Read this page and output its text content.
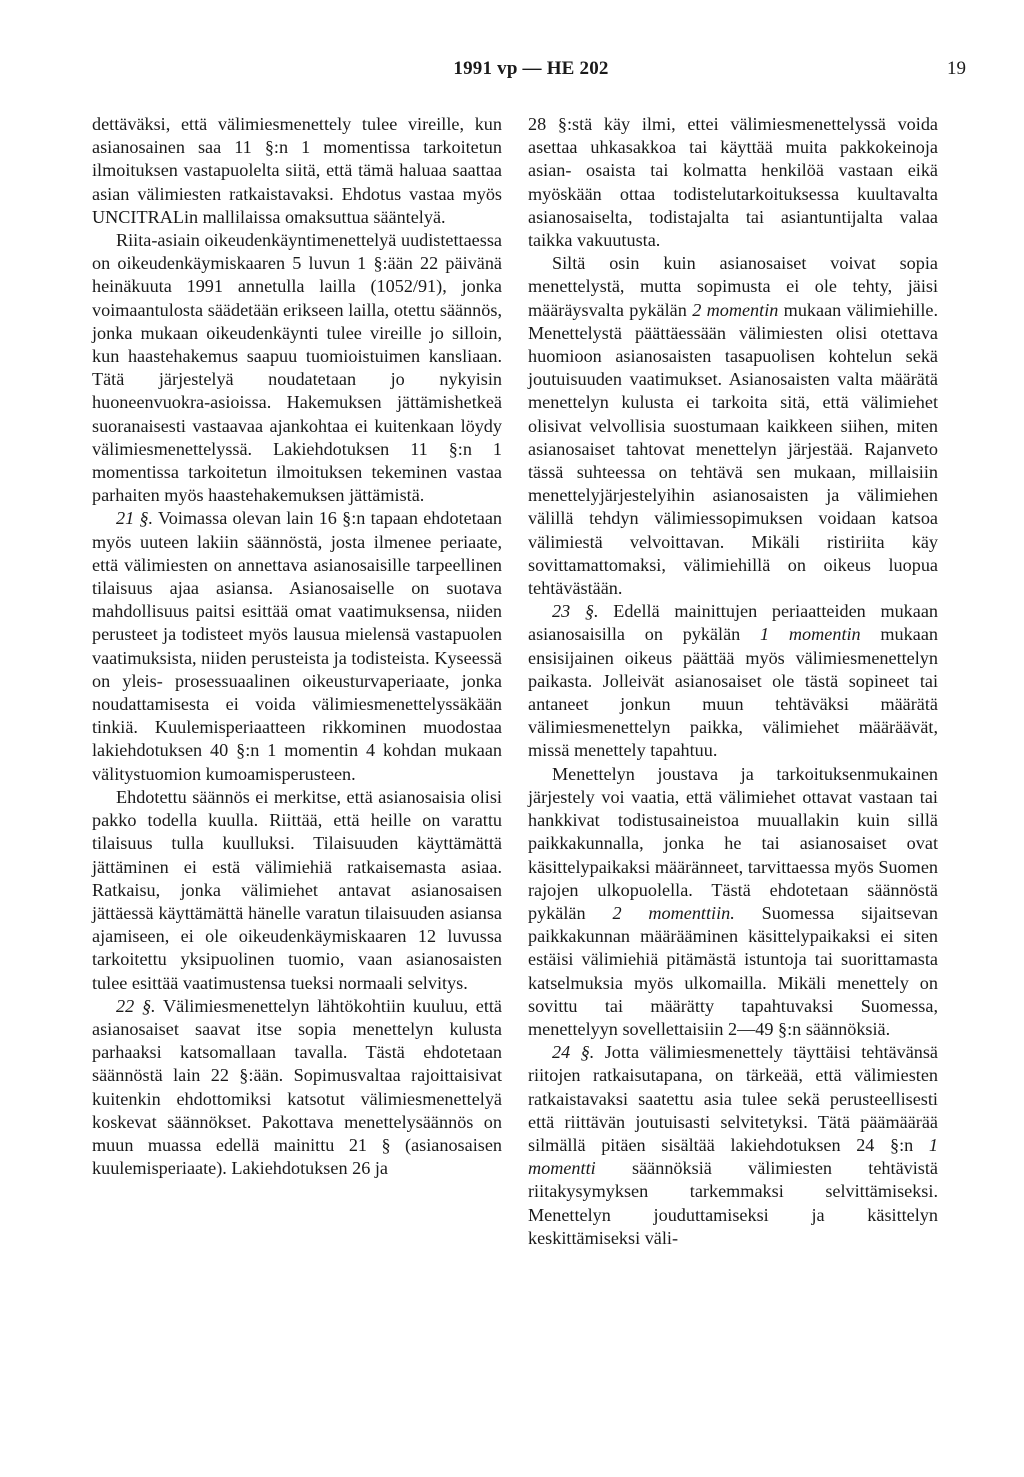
1991 vp — HE 202	19

dettäväksi, että välimiesmenettely tulee vireille, kun asianosainen saa 11 §:n 1 momentissa tarkoitetun ilmoituksen vastapuolelta siitä, että tämä haluaa saattaa asian välimiesten ratkaistavaksi. Ehdotus vastaa myös UNCITRALin mallilaissa omaksuttua sääntelyä.

Riita-asiain oikeudenkäyntimenettelyä uudistettaessa on oikeudenkäymiskaaren 5 luvun 1 §:ään 22 päivänä heinäkuuta 1991 annetulla lailla (1052/91), jonka voimaantulosta säädetään erikseen lailla, otettu säännös, jonka mukaan oikeudenkäynti tulee vireille jo silloin, kun haastehakemus saapuu tuomioistuimen kansliaan. Tätä järjestelyä noudatetaan jo nykyisin huoneenvuokra-asioissa. Hakemuksen jättämishetkeä suoranaisesti vastaavaa ajankohtaa ei kuitenkaan löydy välimiesmenettelyssä. Lakiehdotuksen 11 §:n 1 momentissa tarkoitetun ilmoituksen tekeminen vastaa parhaiten myös haastehakemuksen jättämistä.

21 §. Voimassa olevan lain 16 §:n tapaan ehdotetaan myös uuteen lakiin säännöstä, josta ilmenee periaate, että välimiesten on annettava asianosaisille tarpeellinen tilaisuus ajaa asiansa. Asianosaiselle on suotava mahdollisuus paitsi esittää omat vaatimuksensa, niiden perusteet ja todisteet myös lausua mielensä vastapuolen vaatimuksista, niiden perusteista ja todisteista. Kyseessä on yleis- prosessuaalinen oikeusturvaperiaate, jonka noudattamisesta ei voida välimiesmenettelyssäkään tinkiä. Kuulemisperiaatteen rikkominen muodostaa lakiehdotuksen 40 §:n 1 momentin 4 kohdan mukaan välitystuomion kumoamisperusteen.

Ehdotettu säännös ei merkitse, että asianosaisia olisi pakko todella kuulla. Riittää, että heille on varattu tilaisuus tulla kuulluksi. Tilaisuuden käyttämättä jättäminen ei estä välimiehiä ratkaisemasta asiaa. Ratkaisu, jonka välimiehet antavat asianosaisen jättäessä käyttämättä hänelle varatun tilaisuuden asiansa ajamiseen, ei ole oikeudenkäymiskaaren 12 luvussa tarkoitettu yksipuolinen tuomio, vaan asianosaisten tulee esittää vaatimustensa tueksi normaali selvitys.

22 §. Välimiesmenettelyn lähtökohtiin kuuluu, että asianosaiset saavat itse sopia menettelyn kulusta parhaaksi katsomallaan tavalla. Tästä ehdotetaan säännöstä lain 22 §:ään. Sopimusvaltaa rajoittaisivat kuitenkin ehdottomiksi katsotut välimiesmenettelyä koskevat säännökset. Pakottava menettelysäännös on muun muassa edellä mainittu 21 § (asianosaisen kuulemisperiaate). Lakiehdotuksen 26 ja

28 §:stä käy ilmi, ettei välimiesmenettelyssä voida asettaa uhkasakkoa tai käyttää muita pakkokeinoja asian- osaista tai kolmatta henkilöä vastaan eikä myöskään ottaa todistelutarkoituksessa kuultavalta asianosaiselta, todistajalta tai asiantuntijalta valaa taikka vakuutusta.

Siltä osin kuin asianosaiset voivat sopia menettelystä, mutta sopimusta ei ole tehty, jäisi määräysvalta pykälän 2 momentin mukaan välimiehille. Menettelystä päättäessään välimiesten olisi otettava huomioon asianosaisten tasapuolisen kohtelun sekä joutuisuuden vaatimukset. Asianosaisten valta määrätä menettelyn kulusta ei tarkoita sitä, että välimiehet olisivat velvollisia suostumaan kaikkeen siihen, miten asianosaiset tahtovat menettelyn järjestää. Rajanveto tässä suhteessa on tehtävä sen mukaan, millaisiin menettelyjärjestelyihin asianosaisten ja välimiehen välillä tehdyn välimiessopimuksen voidaan katsoa välimiestä velvoittavan. Mikäli ristiriita käy sovittamattomaksi, välimiehillä on oikeus luopua tehtävästään.

23 §. Edellä mainittujen periaatteiden mukaan asianosaisilla on pykälän 1 momentin mukaan ensisijainen oikeus päättää myös välimiesmenettelyn paikasta. Jolleivät asianosaiset ole tästä sopineet tai antaneet jonkun muun tehtäväksi määrätä välimiesmenettelyn paikka, välimiehet määräävät, missä menettely tapahtuu.

Menettelyn joustava ja tarkoituksenmukainen järjestely voi vaatia, että välimiehet ottavat vastaan tai hankkivat todistusaineistoa muuallakin kuin sillä paikkakunnalla, jonka he tai asianosaiset ovat käsittelypaikaksi määränneet, tarvittaessa myös Suomen rajojen ulkopuolella. Tästä ehdotetaan säännöstä pykälän 2 momenttiin. Suomessa sijaitsevan paikkakunnan määrääminen käsittelypaikaksi ei siten estäisi välimiehiä pitämästä istuntoja tai suorittamasta katselmuksia myös ulkomailla. Mikäli menettely on sovittu tai määrätty tapahtuvaksi Suomessa, menettelyyn sovellettaisiin 2—49 §:n säännöksiä.

24 §. Jotta välimiesmenettely täyttäisi tehtävänsä riitojen ratkaisutapana, on tärkeää, että välimiesten ratkaistavaksi saatettu asia tulee sekä perusteellisesti että riittävän joutuisasti selvitetyksi. Tätä päämäärää silmällä pitäen sisältää lakiehdotuksen 24 §:n 1 momentti säännöksiä välimiesten tehtävistä riitakysymyksen tarkemmaksi selvittämiseksi. Menettelyn jouduttamiseksi ja käsittelyn keskittämiseksi väli-
